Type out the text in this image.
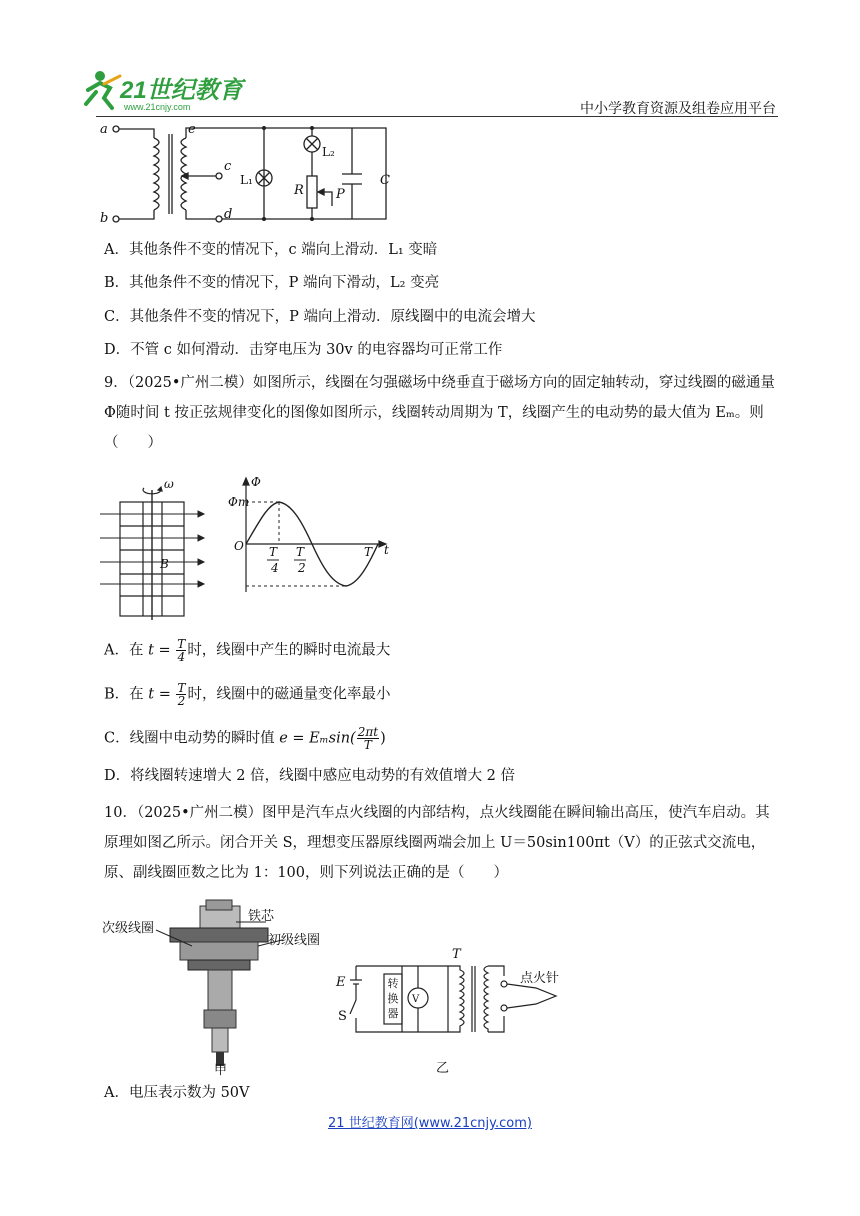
21世纪教育
www.21cnjy.com	中小学教育资源及组卷应用平台
a
b
e
c
d
R P
C
L₁
L₂
A．其他条件不变的情况下，c 端向上滑动．L₁ 变暗
B．其他条件不变的情况下，P 端向下滑动，L₂ 变亮
C．其他条件不变的情况下，P 端向上滑动．原线圈中的电流会增大
D．不管 c 如何滑动．击穿电压为 30v 的电容器均可正常工作
9．（2025•广州二模）如图所示，线圈在匀强磁场中绕垂直于磁场方向的固定轴转动，穿过线圈的磁通量Φ随时间 t 按正弦规律变化的图像如图所示，线圈转动周期为 T，线圈产生的电动势的最大值为 Eₘ。则（　　）
ω
B
Φ
Φm
O T
4
T
2
T t
A．在 $t = \frac{T}{4}$ 时，线圈中产生的瞬时电流最大
B．在 $t = \frac{T}{2}$ 时，线圈中的磁通量变化率最小
C．线圈中电动势的瞬时值 $e = E_m\sin( \frac{2\pi t}{T}$ )
D．将线圈转速增大 2 倍，线圈中感应电动势的有效值增大 2 倍
10．（2025•广州二模）图甲是汽车点火线圈的内部结构，点火线圈能在瞬间输出高压，使汽车启动。其原理如图乙所示。闭合开关 S，理想变压器原线圈两端会加上 U＝50sin100πt（V）的正弦式交流电，原、副线圈匝数之比为 1：100，则下列说法正确的是（　　）
次级线圈
铁芯
初级线圈
甲	乙
点火针
E
S
V
T
转换器
A．电压表示数为 50V
21 世纪教育网(www.21cnjy.com)
